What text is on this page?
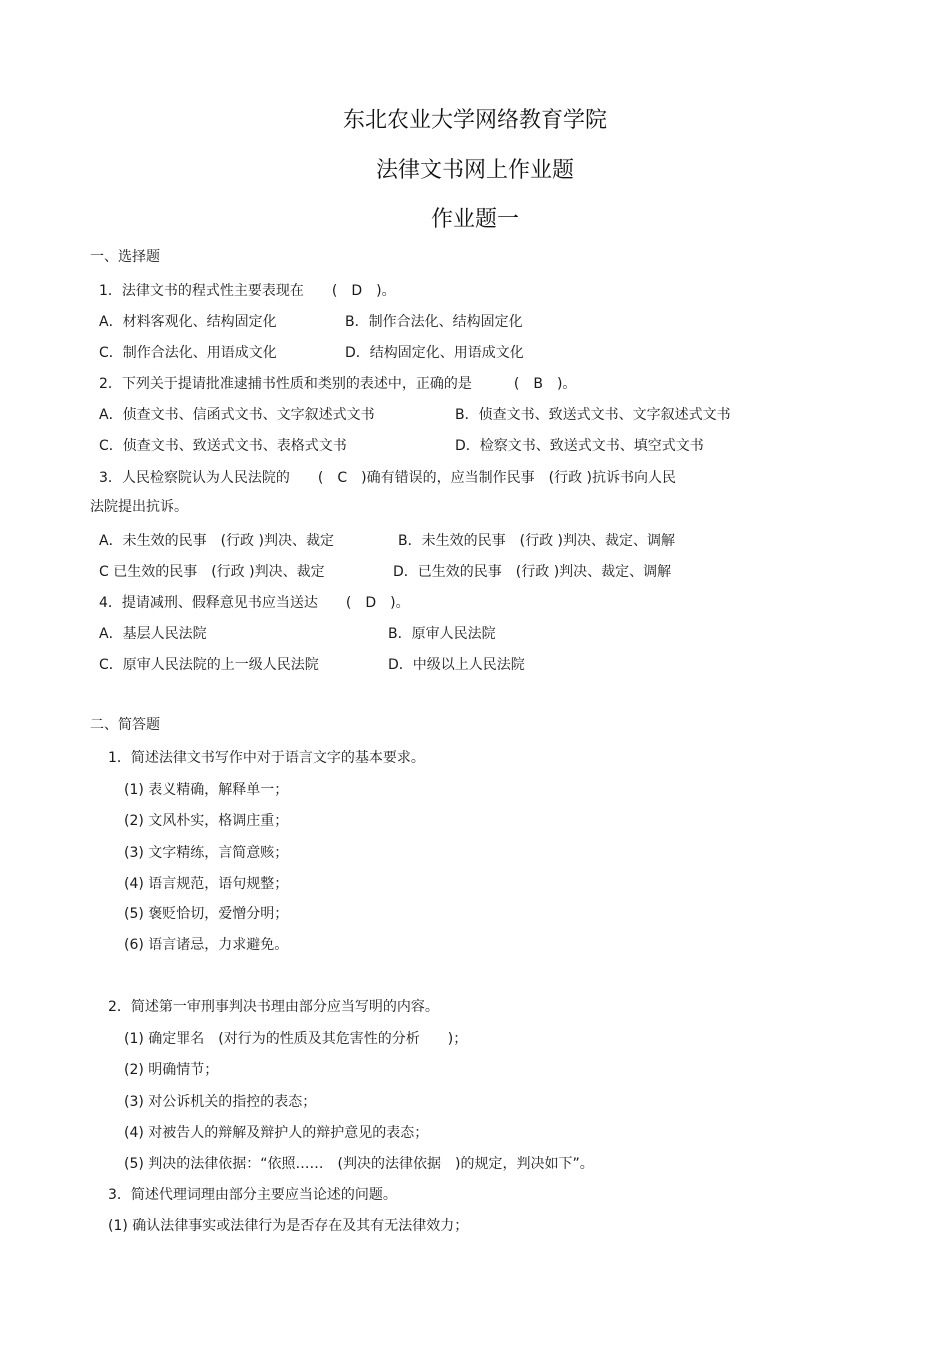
东北农业大学网络教育学院
法律文书网上作业题
作业题一
一、选择题
1．法律文书的程式性主要表现在　　(　D　)。
A．材料客观化、结构固定化	B．制作合法化、结构固定化
C．制作合法化、用语成文化	D．结构固定化、用语成文化
2．下列关于提请批准逮捕书性质和类别的表述中，正确的是　　　(　B　)。
A．侦查文书、信函式文书、文字叙述式文书	B．侦查文书、致送式文书、文字叙述式文书
C．侦查文书、致送式文书、表格式文书	D．检察文书、致送式文书、填空式文书
3．人民检察院认为人民法院的　　(　C　)确有错误的，应当制作民事　(行政 )抗诉书向人民
法院提出抗诉。
A．未生效的民事　(行政 )判决、裁定	B．未生效的民事　(行政 )判决、裁定、调解
C 已生效的民事　(行政 )判决、裁定	D．已生效的民事　(行政 )判决、裁定、调解
4．提请减刑、假释意见书应当送达　　(　D　)。
A．基层人民法院	B．原审人民法院
C．原审人民法院的上一级人民法院	D．中级以上人民法院
二、简答题
1．简述法律文书写作中对于语言文字的基本要求。
(1) 表义精确，解释单一；
(2) 文风朴实，格调庄重；
(3) 文字精练，言简意赅；
(4) 语言规范，语句规整；
(5) 褒贬恰切，爱憎分明；
(6) 语言诸忌，力求避免。
2．简述第一审刑事判决书理由部分应当写明的内容。
(1) 确定罪名　(对行为的性质及其危害性的分析　　)；
(2) 明确情节；
(3) 对公诉机关的指控的表态；
(4) 对被告人的辩解及辩护人的辩护意见的表态；
(5) 判决的法律依据：“依照……　(判决的法律依据　)的规定，判决如下”。
3．简述代理词理由部分主要应当论述的问题。
(1) 确认法律事实或法律行为是否存在及其有无法律效力；
